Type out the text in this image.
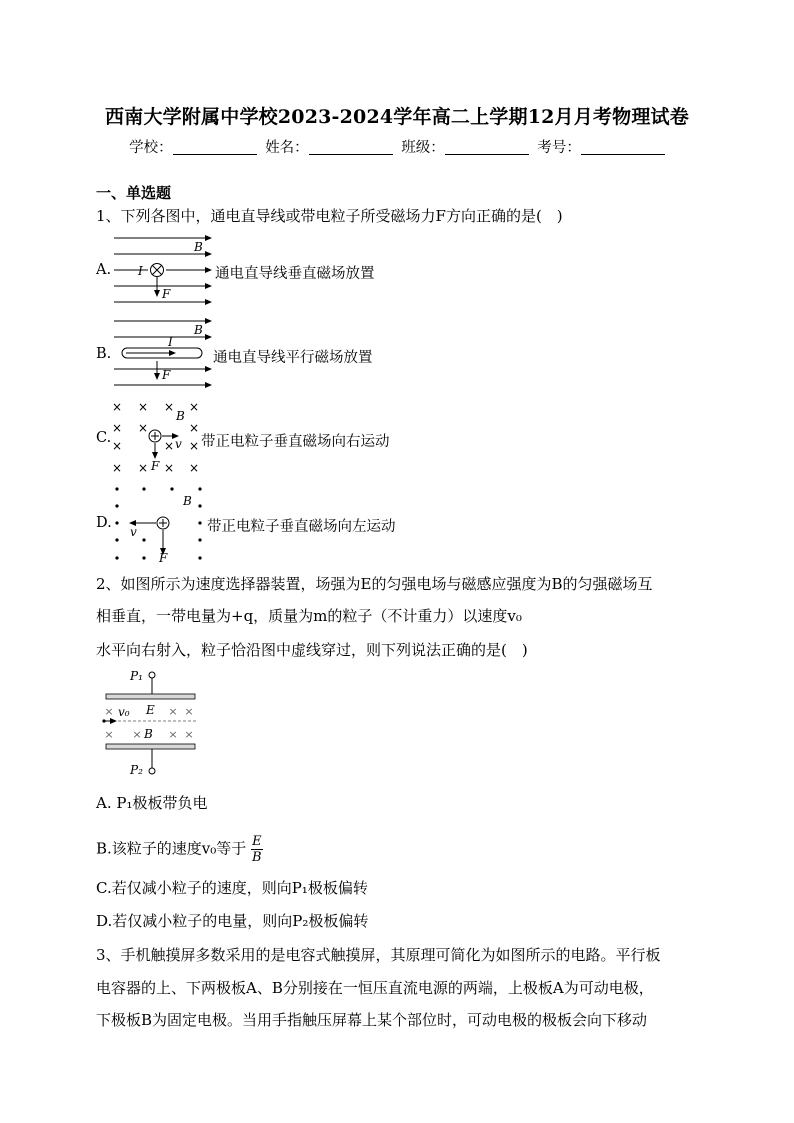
西南大学附属中学校2023-2024学年高二上学期12月月考物理试卷
学校：	姓名：	班级：	考号：
一、单选题
1、下列各图中，通电直导线或带电粒子所受磁场力F方向正确的是(　)
A.
B
I
F
通电直导线垂直磁场放置
B.
B
I
F
通电直导线平行磁场放置
C.
× × × ×
× ×	×
×	× ×
× × × ×
B
v
F
带正电粒子垂直磁场向右运动
D.
B
v
F
带正电粒子垂直磁场向左运动
2、如图所示为速度选择器装置，场强为E的匀强电场与磁感应强度为B的匀强磁场互
相垂直，一带电量为+q，质量为m的粒子（不计重力）以速度v₀
水平向右射入，粒子恰沿图中虚线穿过，则下列说法正确的是(　)
×	× ×
× × × ×
P₁
v₀ E
B
P₂
A. P₁极板带负电
B.该粒子的速度v₀等于 $\frac{E}{B}$
C.若仅减小粒子的速度，则向P₁极板偏转
D.若仅减小粒子的电量，则向P₂极板偏转
3、手机触摸屏多数采用的是电容式触摸屏，其原理可简化为如图所示的电路。平行板
电容器的上、下两极板A、B分别接在一恒压直流电源的两端，上极板A为可动电极，
下极板B为固定电极。当用手指触压屏幕上某个部位时，可动电极的极板会向下移动
